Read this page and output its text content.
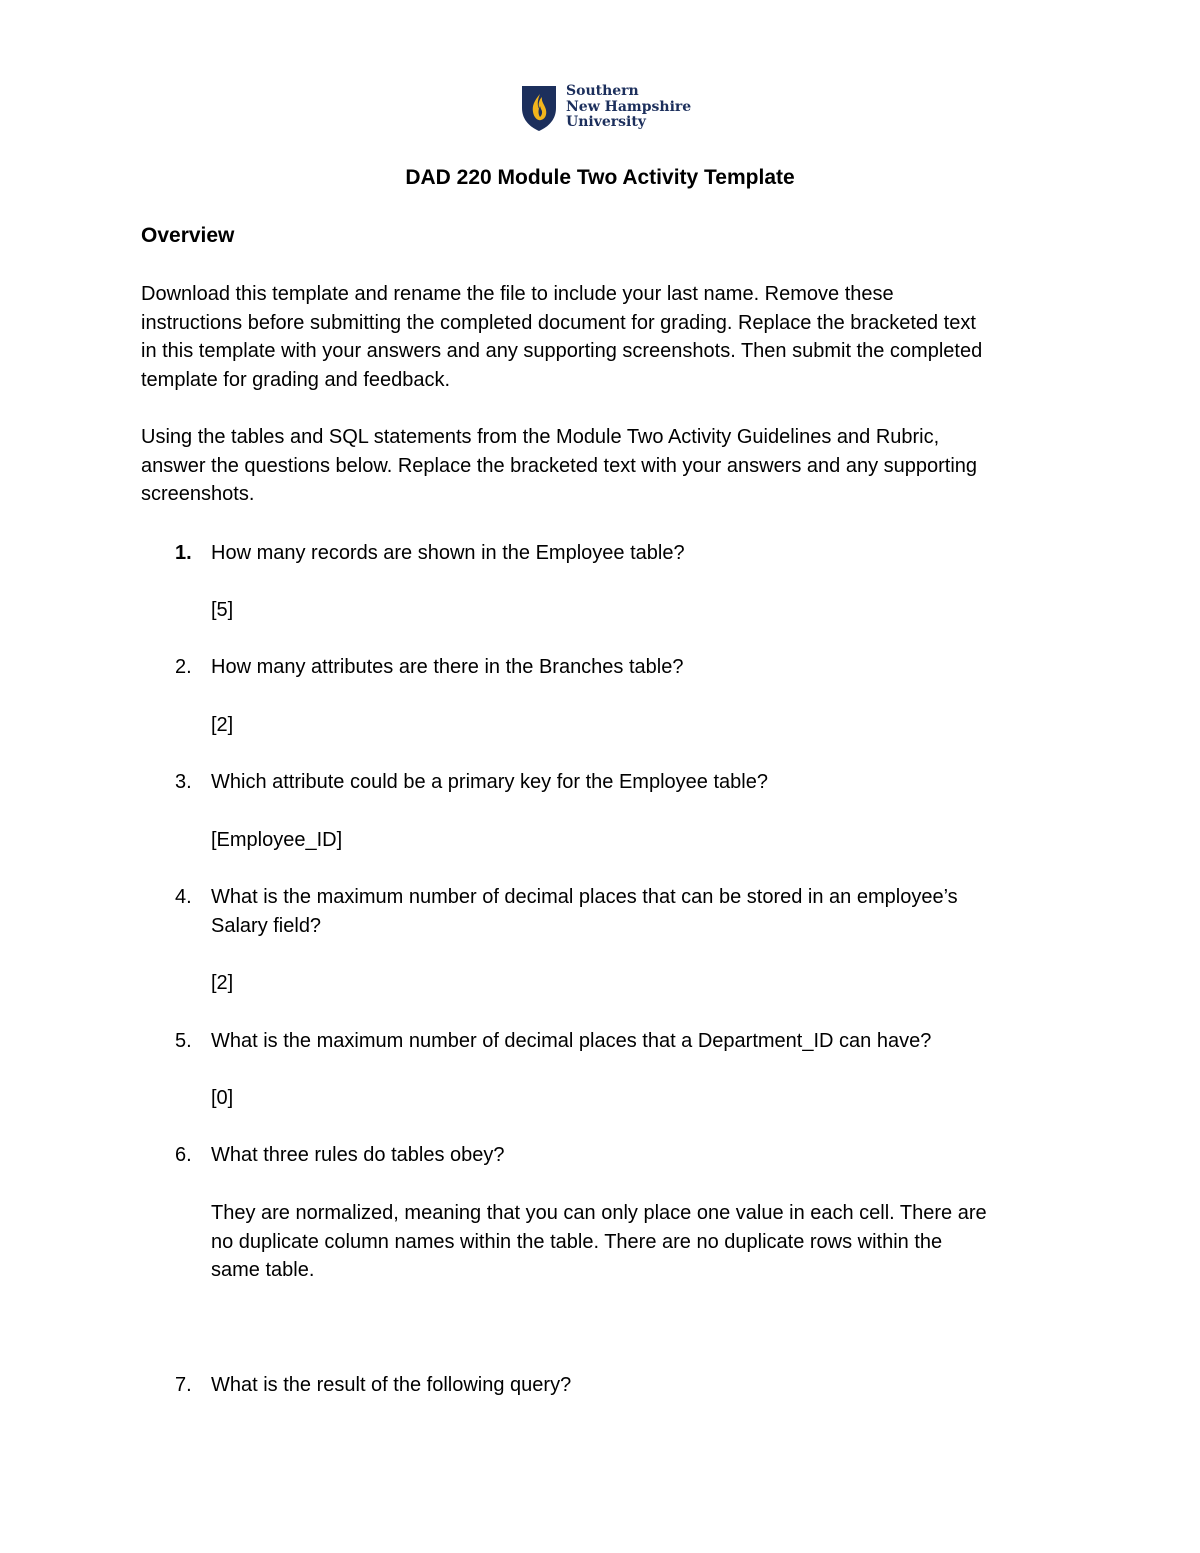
Southern
New Hampshire
University
DAD 220 Module Two Activity Template
Overview
Download this template and rename the file to include your last name. Remove these
instructions before submitting the completed document for grading. Replace the bracketed text
in this template with your answers and any supporting screenshots. Then submit the completed
template for grading and feedback.
Using the tables and SQL statements from the Module Two Activity Guidelines and Rubric,
answer the questions below. Replace the bracketed text with your answers and any supporting
screenshots.
1. How many records are shown in the Employee table?
[5]
2. How many attributes are there in the Branches table?
[2]
3. Which attribute could be a primary key for the Employee table?
[Employee_ID]
4. What is the maximum number of decimal places that can be stored in an employee’s
Salary field?
[2]
5. What is the maximum number of decimal places that a Department_ID can have?
[0]
6. What three rules do tables obey?
They are normalized, meaning that you can only place one value in each cell. There are
no duplicate column names within the table. There are no duplicate rows within the
same table.
7. What is the result of the following query?
